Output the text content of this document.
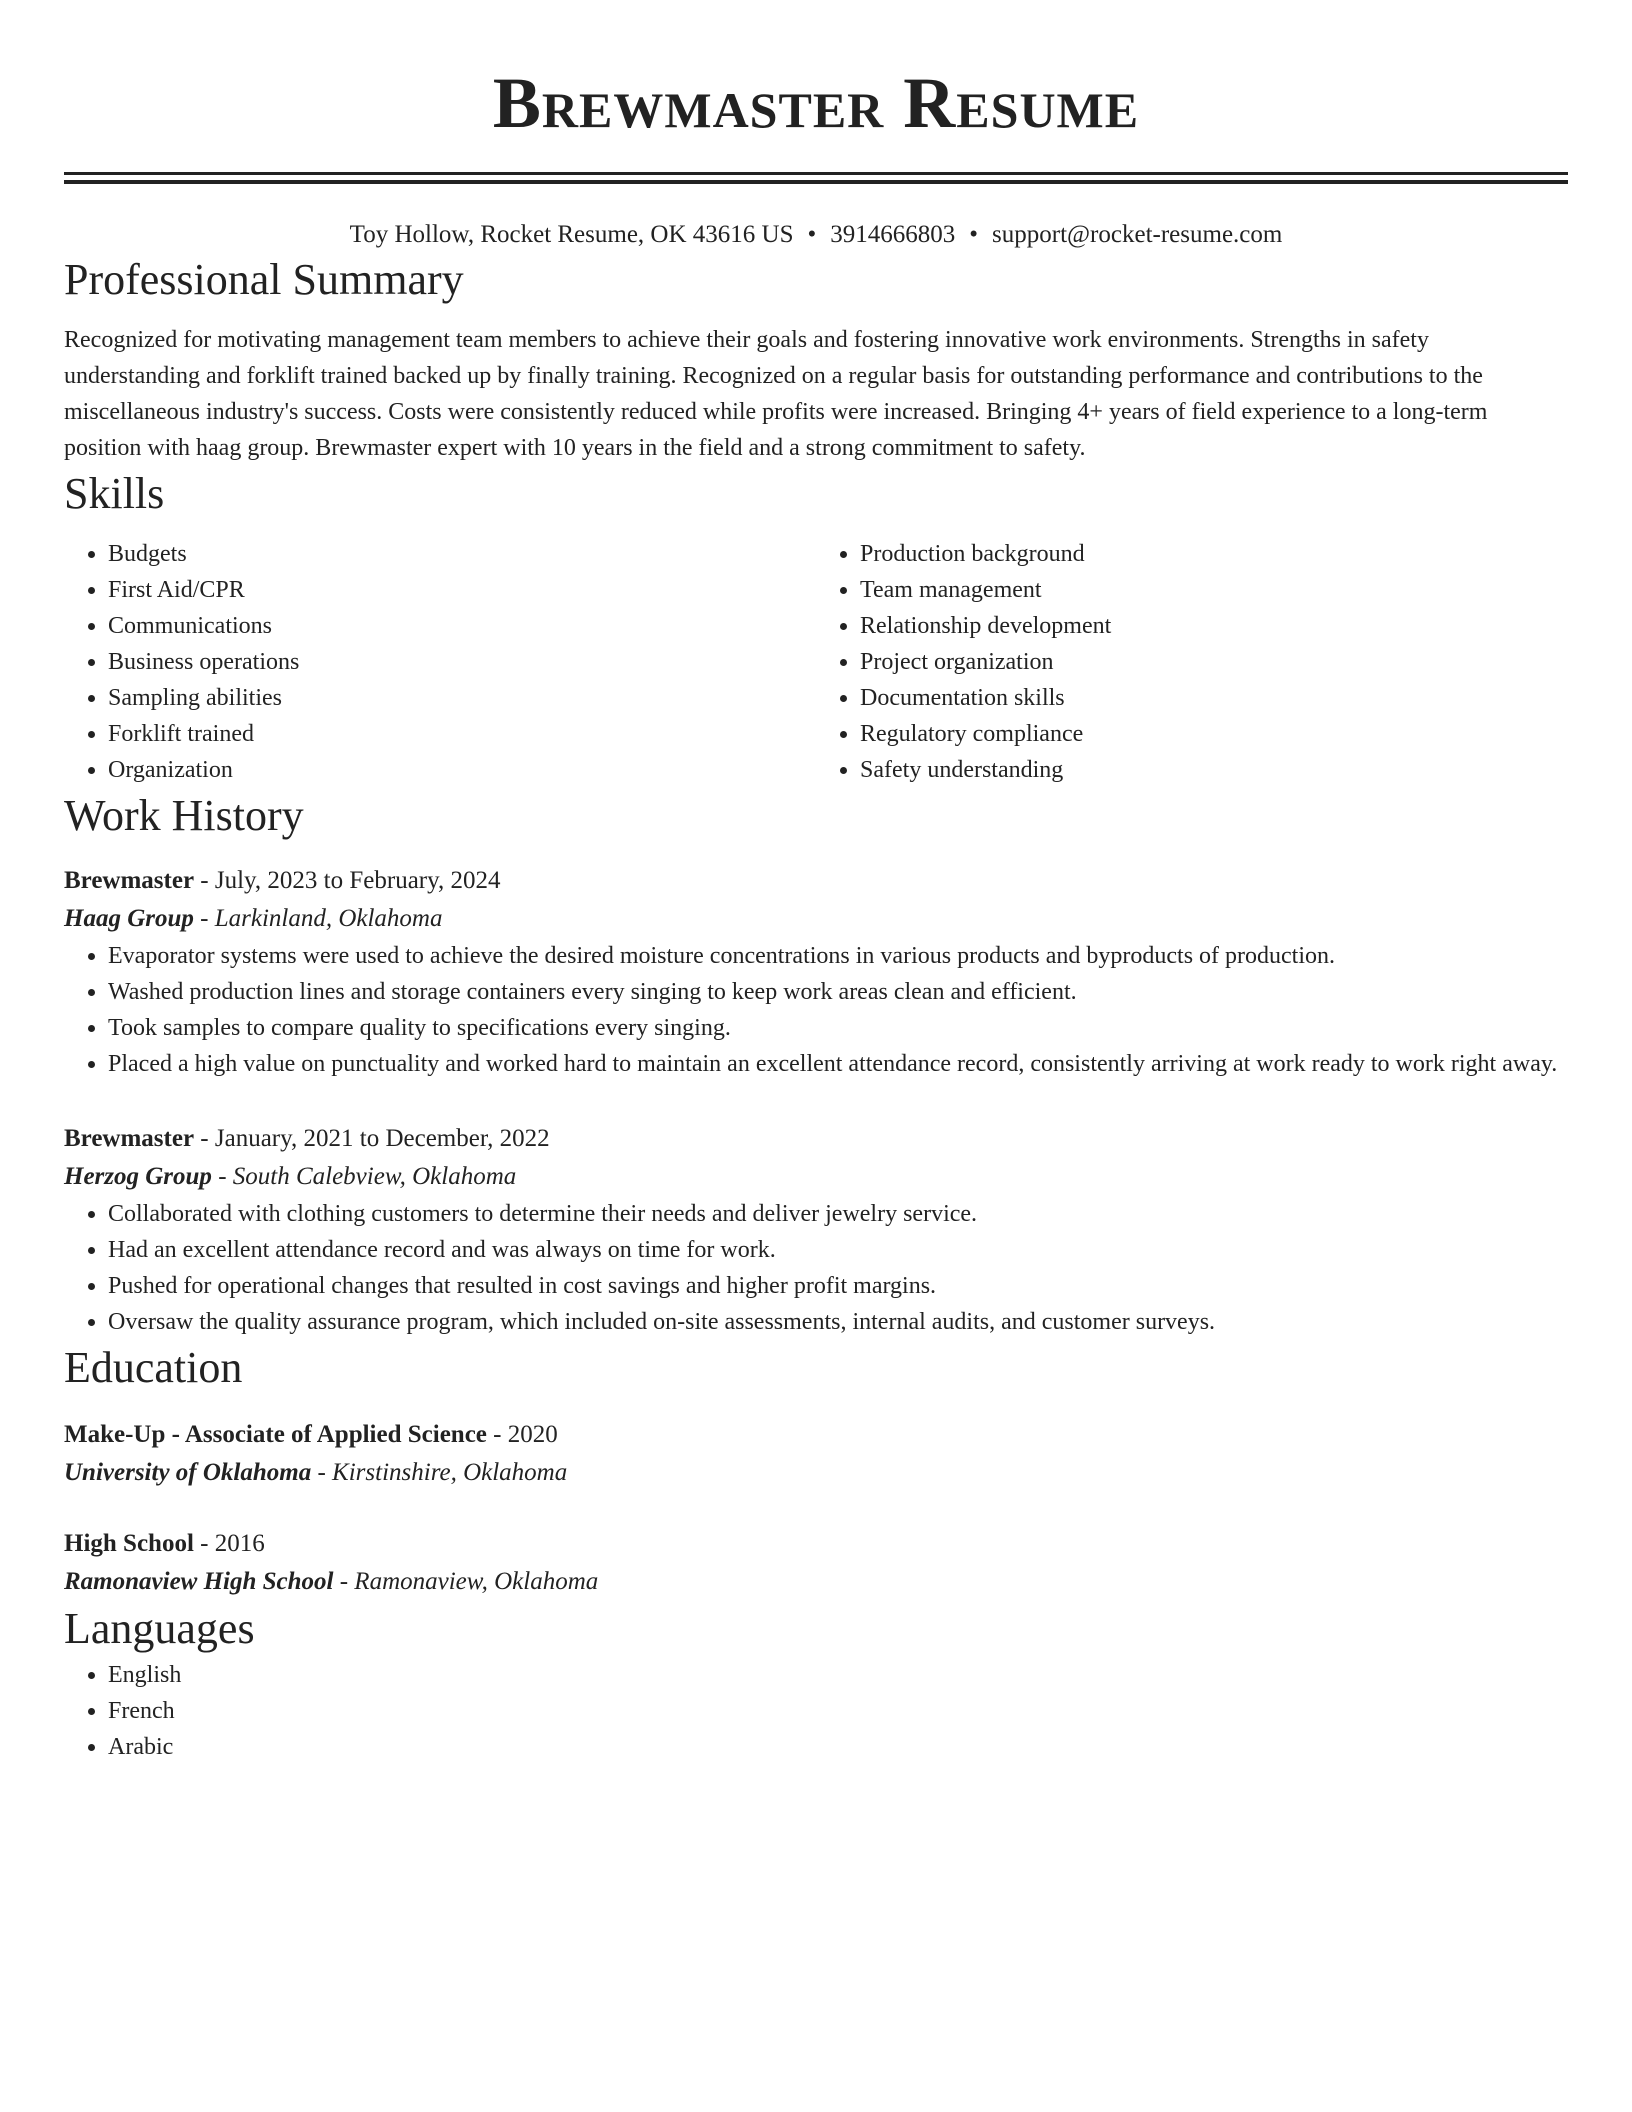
Brewmaster Resume
Toy Hollow, Rocket Resume, OK 43616 US • 3914666803 • support@rocket-resume.com
Professional Summary

Recognized for motivating management team members to achieve their goals and fostering innovative work environments. Strengths in safety understanding and forklift trained backed up by finally training. Recognized on a regular basis for outstanding performance and contributions to the miscellaneous industry's success. Costs were consistently reduced while profits were increased. Bringing 4+ years of field experience to a long-term position with haag group. Brewmaster expert with 10 years in the field and a strong commitment to safety.

Skills
• Budgets
• First Aid/CPR
• Communications
• Business operations
• Sampling abilities
• Forklift trained
• Organization
• Production background
• Team management
• Relationship development
• Project organization
• Documentation skills
• Regulatory compliance
• Safety understanding
Work History
Brewmaster - July, 2023 to February, 2024
Haag Group - Larkinland, Oklahoma
• Evaporator systems were used to achieve the desired moisture concentrations in various products and byproducts of production.
• Washed production lines and storage containers every singing to keep work areas clean and efficient.
• Took samples to compare quality to specifications every singing.
• Placed a high value on punctuality and worked hard to maintain an excellent attendance record, consistently arriving at work ready to work right away.
Brewmaster - January, 2021 to December, 2022
Herzog Group - South Calebview, Oklahoma
• Collaborated with clothing customers to determine their needs and deliver jewelry service.
• Had an excellent attendance record and was always on time for work.
• Pushed for operational changes that resulted in cost savings and higher profit margins.
• Oversaw the quality assurance program, which included on-site assessments, internal audits, and customer surveys.
Education
Make-Up - Associate of Applied Science - 2020
University of Oklahoma - Kirstinshire, Oklahoma
High School - 2016
Ramonaview High School - Ramonaview, Oklahoma
Languages
• English
• French
• Arabic
